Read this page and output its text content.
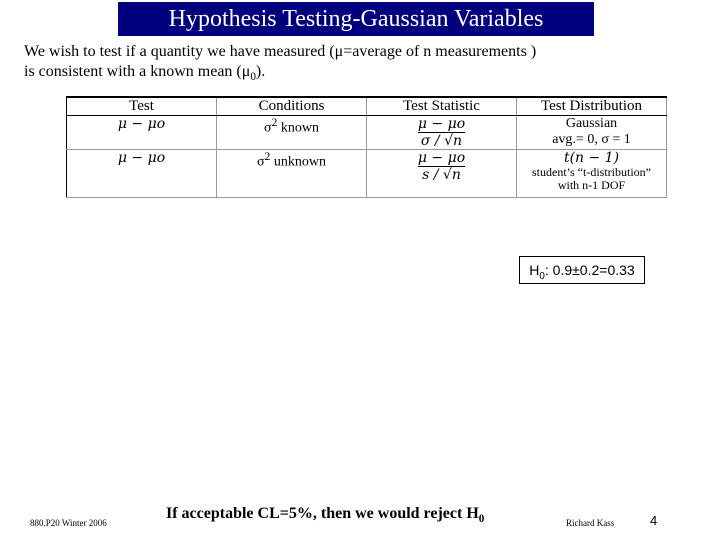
Hypothesis Testing-Gaussian Variables
We wish to test if a quantity we have measured (μ=average of n measurements )
is consistent with a known mean $(\mu_0)$.
Test	Conditions	Test Statistic	Test Distribution
μ − μo	$\sigma^2$ known	$\frac{\mu - \mu o}{\sigma / √n}$	Gaussian
avg.= 0, σ = 1

μ − μo	$\sigma^2$ unknown	$\frac{\mu - \mu o}{s / √n}$	t(n − 1)
student’s “t-distribution”
with n-1 DOF
$H_0$: 0.9±0.2=0.33
880.P20 Winter 2006
If acceptable CL=5%, then we would reject $H_0$	Richard Kass	4
